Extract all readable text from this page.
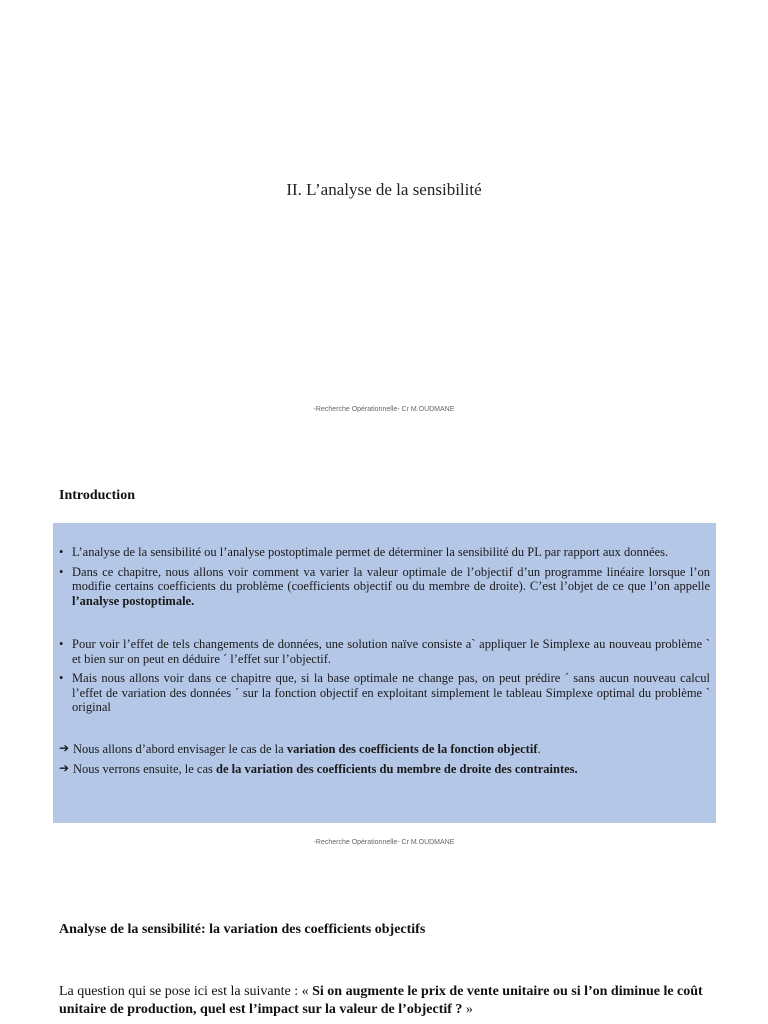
II. L’analyse de la sensibilité
-Recherche Opérationnelle- Cr M.OUDMANE
Introduction
• L’analyse de la sensibilité ou l’analyse postoptimale permet de déterminer la sensibilité du PL par rapport aux données.
• Dans ce chapitre, nous allons voir comment va varier la valeur optimale de l’objectif d’un programme linéaire lorsque l’on modifie certains coefficients du problème (coefficients objectif ou du membre de droite). C’est l’objet de ce que l’on appelle l’analyse postoptimale.
• Pour voir l’effet de tels changements de données, une solution naïve consiste a` appliquer le Simplexe au nouveau problème ` et bien sur on peut en déduire ´ l’effet sur l’objectif.
• Mais nous allons voir dans ce chapitre que, si la base optimale ne change pas, on peut prédire ´ sans aucun nouveau calcul l’effet de variation des données ´ sur la fonction objectif en exploitant simplement le tableau Simplexe optimal du problème ` original
➔ Nous allons d’abord envisager le cas de la variation des coefficients de la fonction objectif.
➔ Nous verrons ensuite, le cas de la variation des coefficients du membre de droite des contraintes.
-Recherche Opérationnelle- Cr M.OUDMANE
Analyse de la sensibilité: la variation des coefficients objectifs
La question qui se pose ici est la suivante : « Si on augmente le prix de vente unitaire ou si l’on diminue le coût unitaire de production, quel est l’impact sur la valeur de l’objectif ? »
